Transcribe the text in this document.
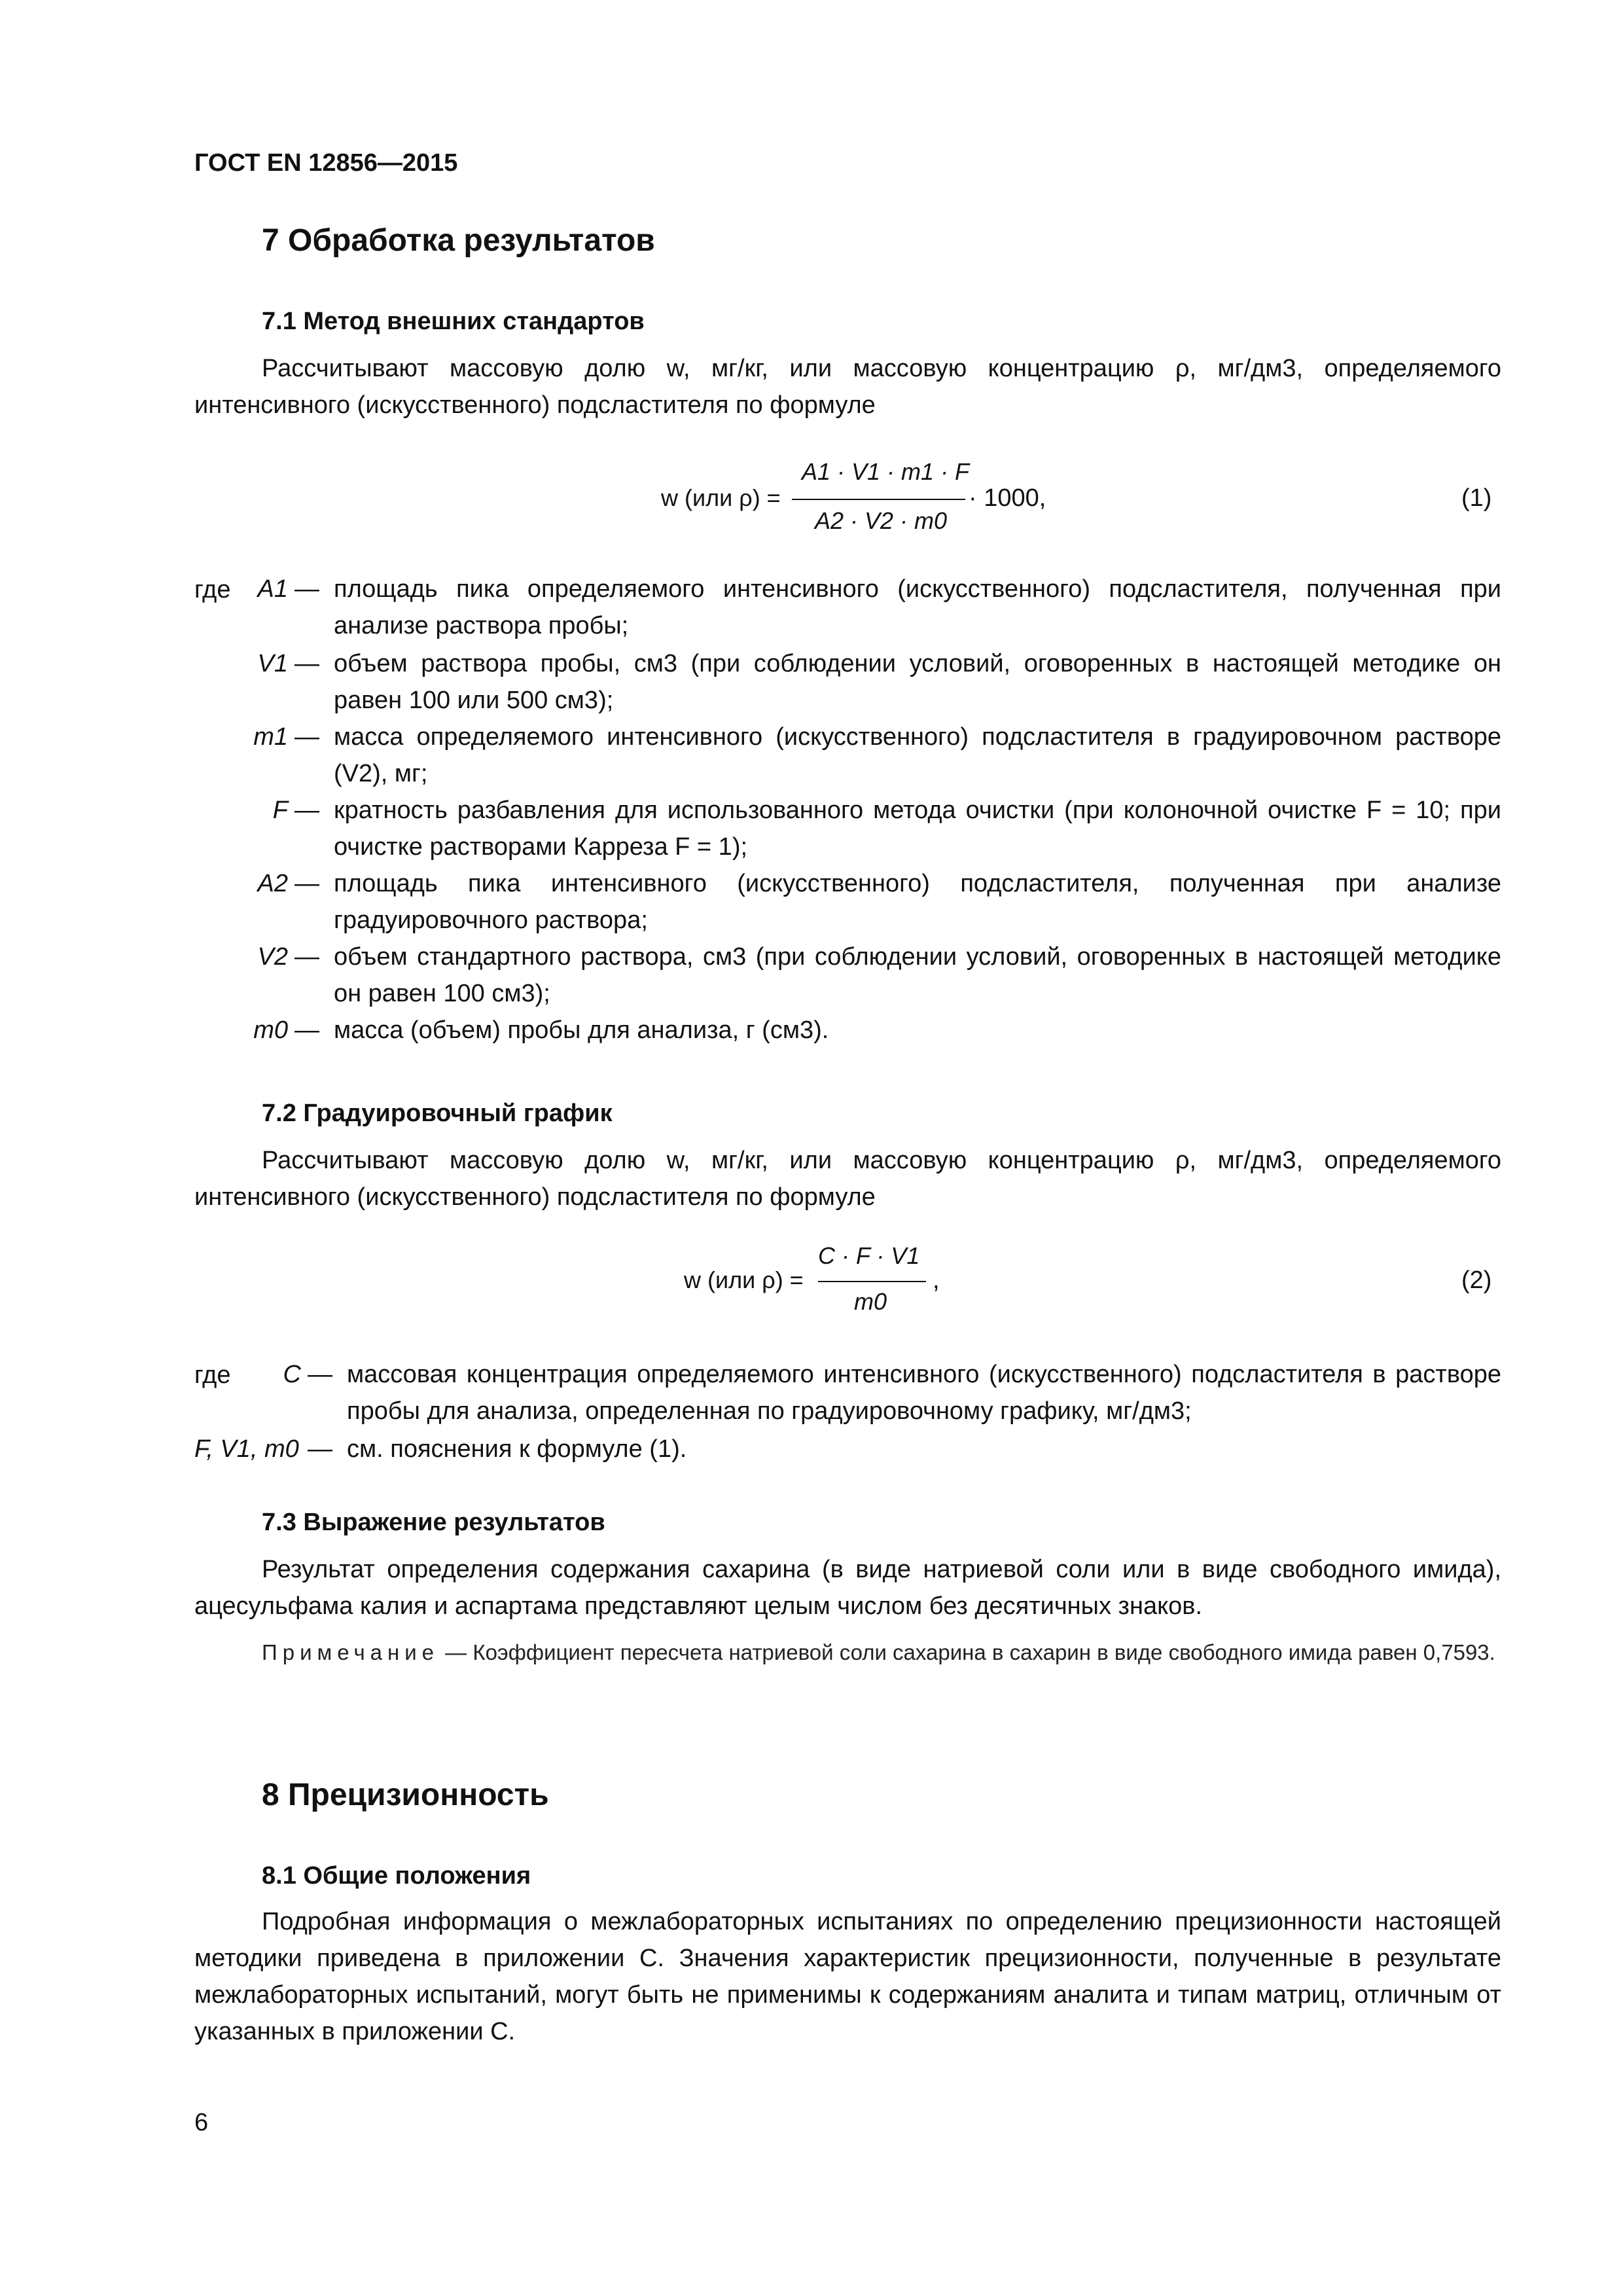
ГОСТ EN 12856—2015
7 Обработка результатов
7.1 Метод внешних стандартов

Рассчитывают массовую долю w, мг/кг, или массовую концентрацию ρ, мг/дм3, определяемого интенсивного (искусственного) подсластителя по формуле

w (или ρ) =
A1 · V1 · m1 · F
A2 · V2 · m0
· 1000,	(1)
где	A1 — площадь пика определяемого интенсивного (искусственного) подсластителя, полученная при анализе раствора пробы;
V1 — объем раствора пробы, см3 (при соблюдении условий, оговоренных в настоящей методике он равен 100 или 500 см3);
m1 — масса определяемого интенсивного (искусственного) подсластителя в градуировочном растворе (V2), мг;
F — кратность разбавления для использованного метода очистки (при колоночной очистке F = 10; при очистке растворами Карреза F = 1);
A2 — площадь пика интенсивного (искусственного) подсластителя, полученная при анализе градуировочного раствора;
V2 — объем стандартного раствора, см3 (при соблюдении условий, оговоренных в настоящей методике он равен 100 см3);
m0 — масса (объем) пробы для анализа, г (см3).
7.2 Градуировочный график

Рассчитывают массовую долю w, мг/кг, или массовую концентрацию ρ, мг/дм3, определяемого интенсивного (искусственного) подсластителя по формуле

w (или ρ) =
C · F · V1
m0
,	(2)
где	C — массовая концентрация определяемого интенсивного (искусственного) подсластителя в растворе пробы для анализа, определенная по градуировочному графику, мг/дм3;
F, V1, m0 — см. пояснения к формуле (1).
7.3 Выражение результатов

Результат определения содержания сахарина (в виде натриевой соли или в виде свободного имида), ацесульфама калия и аспартама представляют целым числом без десятичных знаков.

Примечание — Коэффициент пересчета натриевой соли сахарина в сахарин в виде свободного имида равен 0,7593.

8 Прецизионность
8.1 Общие положения

Подробная информация о межлабораторных испытаниях по определению прецизионности настоящей методики приведена в приложении С. Значения характеристик прецизионности, полученные в результате межлабораторных испытаний, могут быть не применимы к содержаниям аналита и типам матриц, отличным от указанных в приложении С.

6
